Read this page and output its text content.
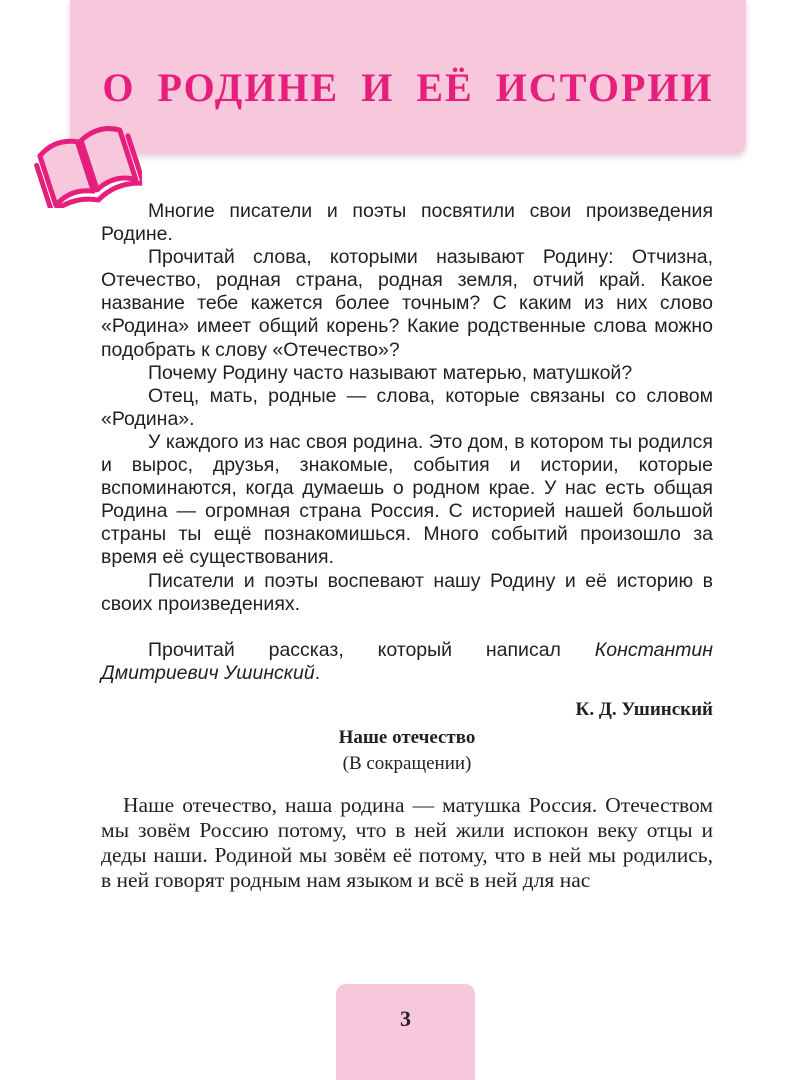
О РОДИНЕ И ЕЁ ИСТОРИИ

Многие писатели и поэты посвятили свои произведения Родине.

Прочитай слова, которыми называют Родину: Отчизна, Отечество, родная страна, родная земля, отчий край. Какое название тебе кажется более точным? С каким из них слово «Родина» имеет общий корень? Какие родственные слова можно подобрать к слову «Отечество»?

Почему Родину часто называют матерью, матушкой?

Отец, мать, родные — слова, которые связаны со словом «Родина».

У каждого из нас своя родина. Это дом, в котором ты родился и вырос, друзья, знакомые, события и истории, которые вспоминаются, когда думаешь о родном крае. У нас есть общая Родина — огромная страна Россия. С историей нашей большой страны ты ещё познакомишься. Много событий произошло за время её существования.

Писатели и поэты воспевают нашу Родину и её историю в своих произведениях.

Прочитай рассказ, который написал Константин Дмитриевич Ушинский.

К. Д. Ушинский
Наше отечество
(В сокращении)

Наше отечество, наша родина — матушка Россия. Отечеством мы зовём Россию потому, что в ней жили испокон веку отцы и деды наши. Родиной мы зовём её потому, что в ней мы родились, в ней говорят родным нам языком и всё в ней для нас

3
